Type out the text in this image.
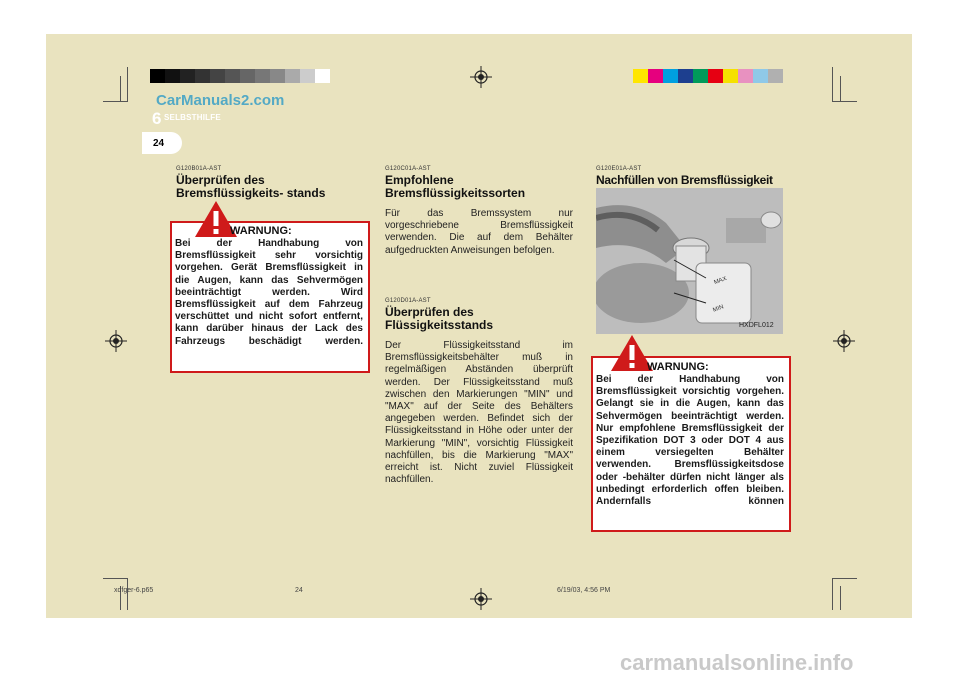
CarManuals2.com
6 SELBSTHILFE
24
G120B01A-AST
Überprüfen des Bremsflüssigkeits- stands
WARNUNG:
Bei der Handhabung von Bremsflüssigkeit sehr vorsichtig vorgehen. Gerät Bremsflüssigkeit in die Augen, kann das Sehvermögen beeinträchtigt werden. Wird Bremsflüssigkeit auf dem Fahrzeug verschüttet und nicht sofort entfernt, kann darüber hinaus der Lack des Fahrzeugs beschädigt werden.
G120C01A-AST
Empfohlene Bremsflüssigkeitssorten
Für das Bremssystem nur vorgeschriebene Bremsflüssigkeit verwenden. Die auf dem Behälter aufgedruckten Anweisungen befolgen.
G120D01A-AST
Überprüfen des Flüssigkeitsstands
Der Flüssigkeitsstand im Bremsflüssigkeitsbehälter muß in regelmäßigen Abständen überprüft werden. Der Flüssigkeitsstand muß zwischen den Markierungen "MIN" und "MAX" auf der Seite des Behälters angegeben werden. Befindet sich der Flüssigkeitsstand in Höhe oder unter der Markierung "MIN", vorsichtig Flüssigkeit nachfüllen, bis die Markierung "MAX" erreicht ist. Nicht zuviel Flüssigkeit nachfüllen.
G120E01A-AST
Nachfüllen von Bremsflüssigkeit
MAX
MIN
HXDFL012
WARNUNG:
Bei der Handhabung von Bremsflüssigkeit vorsichtig vorgehen. Gelangt sie in die Augen, kann das Sehvermögen beeinträchtigt werden. Nur empfohlene Bremsflüssigkeit der Spezifikation DOT 3 oder DOT 4 aus einem versiegelten Behälter verwenden. Bremsflüssigkeitsdose oder -behälter dürfen nicht länger als unbedingt erforderlich offen bleiben. Andernfalls können
xdfger-6.p65	24	6/19/03, 4:56 PM
carmanualsonline.info
